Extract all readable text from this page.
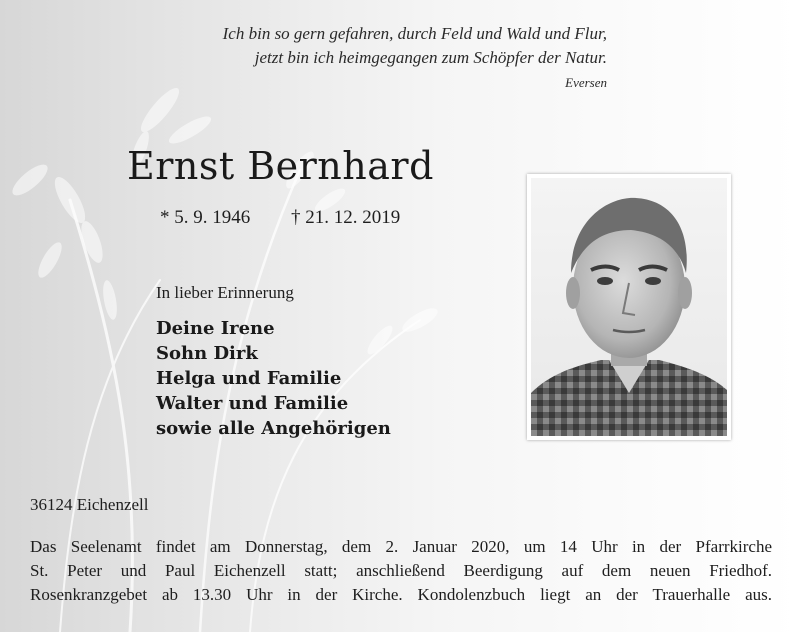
Ich bin so gern gefahren, durch Feld und Wald und Flur,
jetzt bin ich heimgegangen zum Schöpfer der Natur.
Eversen
Ernst Bernhard
* 5. 9. 1946 † 21. 12. 2019
In lieber Erinnerung
Deine Irene
Sohn Dirk
Helga und Familie
Walter und Familie
sowie alle Angehörigen
36124 Eichenzell
Das Seelenamt findet am Donnerstag, dem 2. Januar 2020, um 14 Uhr in der Pfarrkirche
St. Peter und Paul Eichenzell statt; anschließend Beerdigung auf dem neuen Friedhof.
Rosenkranzgebet ab 13.30 Uhr in der Kirche. Kondolenzbuch liegt an der Trauerhalle aus.
